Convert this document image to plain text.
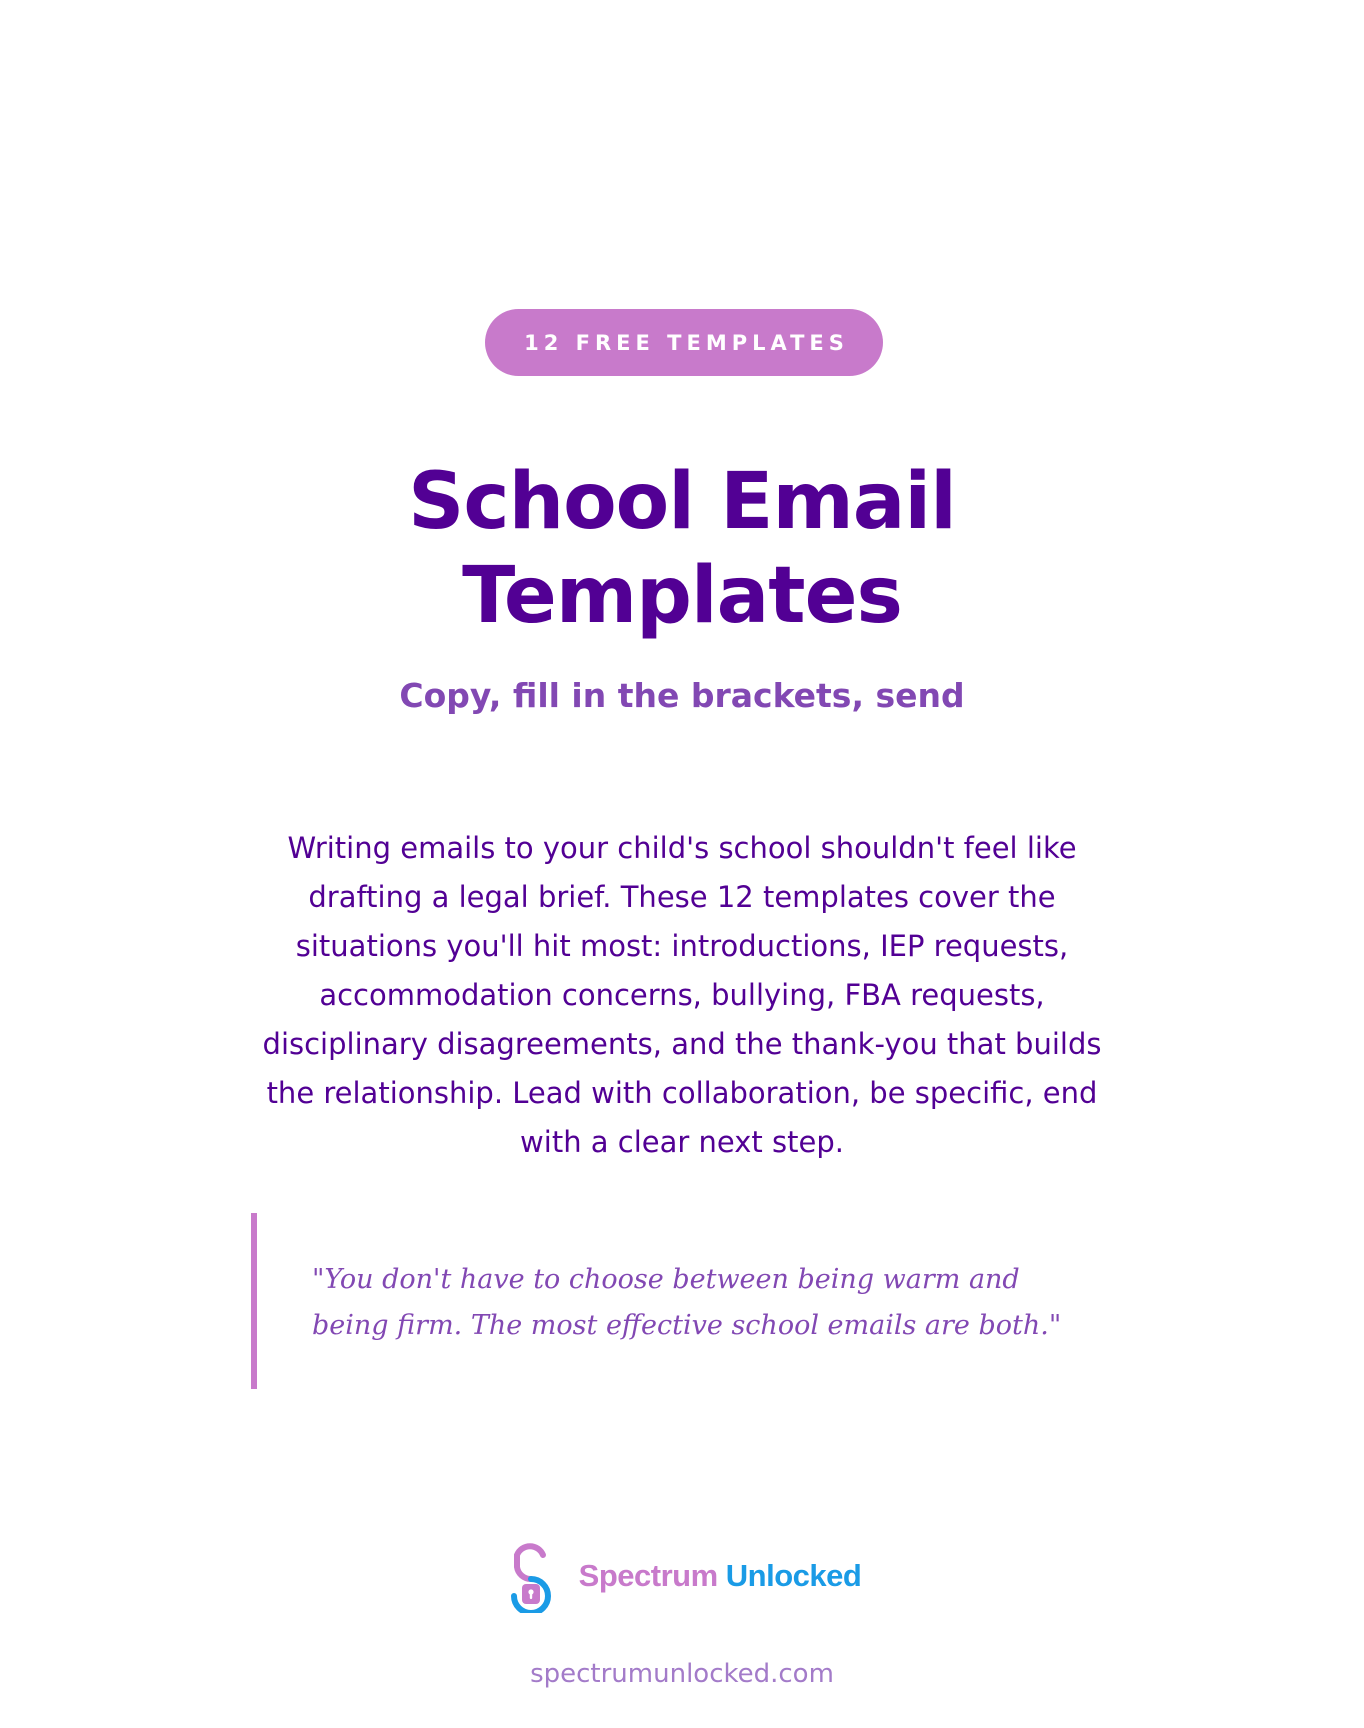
12 FREE TEMPLATES
School Email
Templates
Copy, fill in the brackets, send

Writing emails to your child's school shouldn't feel like drafting a legal brief. These 12 templates cover the situations you'll hit most: introductions, IEP requests, accommodation concerns, bullying, FBA requests, disciplinary disagreements, and the thank-you that builds the relationship. Lead with collaboration, be specific, end with a clear next step.

"You don't have to choose between being warm and being firm. The most effective school emails are both."

Spectrum Unlocked
spectrumunlocked.com
